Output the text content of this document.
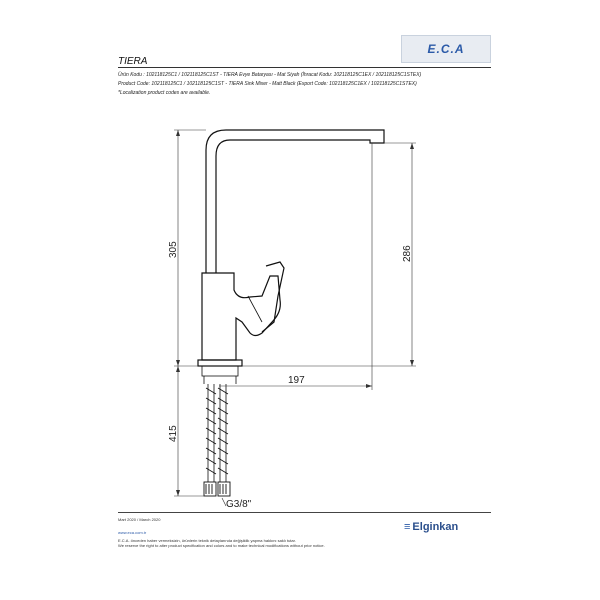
E.C.A
TIERA
Ürün Kodu : 102118125C1 / 102118125C1ST - TIERA Evye Bataryası - Mat Siyah (İhracat Kodu: 102118125C1EX / 102118125C1STEX)
Product Code: 102118125C1 / 102118125C1ST - TIERA Sink Mixer - Matt Black (Export Code: 102118125C1EX / 102118125C1STEX)
*Localization product codes are available.
305	286
197
415
G3/8"
Mart 2020 / March 2020
www.eca.com.tr
E.C.A. önceden haber vermeksizin, ürünlerin teknik detaylarında değişiklik yapma hakkını saklı tutar.
We reserve the right to alter product specification and colors and to make technical modifications without prior notice.
≡ Elginkan
